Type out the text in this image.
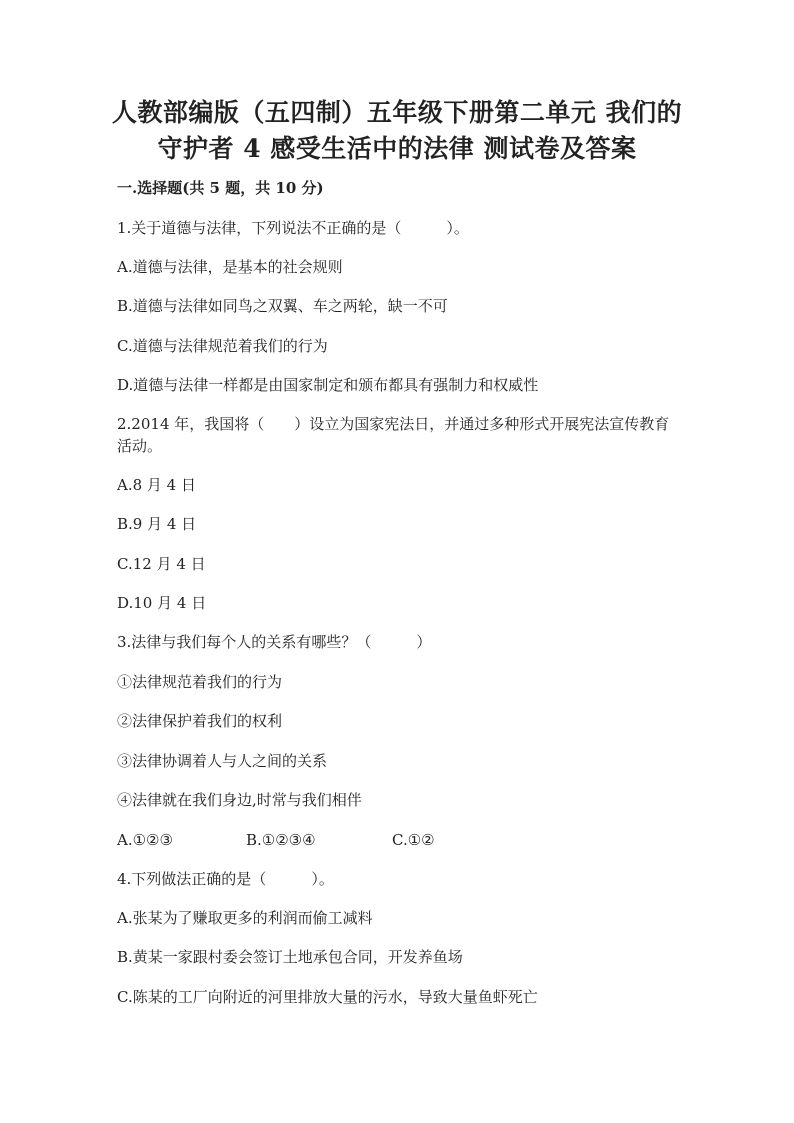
人教部编版（五四制）五年级下册第二单元 我们的
守护者 4 感受生活中的法律 测试卷及答案
一.选择题(共 5 题，共 10 分)
1.关于道德与法律，下列说法不正确的是（　　　）。
A.道德与法律，是基本的社会规则
B.道德与法律如同鸟之双翼、车之两轮，缺一不可
C.道德与法律规范着我们的行为
D.道德与法律一样都是由国家制定和颁布都具有强制力和权威性
2.2014 年，我国将（　　）设立为国家宪法日，并通过多种形式开展宪法宣传教育活动。
A.8 月 4 日
B.9 月 4 日
C.12 月 4 日
D.10 月 4 日
3.法律与我们每个人的关系有哪些？（　　　）
①法律规范着我们的行为
②法律保护着我们的权利
③法律协调着人与人之间的关系
④法律就在我们身边,时常与我们相伴
A.①②③	B.①②③④	C.①②
4.下列做法正确的是（　　　）。
A.张某为了赚取更多的利润而偷工减料
B.黄某一家跟村委会签订土地承包合同，开发养鱼场
C.陈某的工厂向附近的河里排放大量的污水，导致大量鱼虾死亡
